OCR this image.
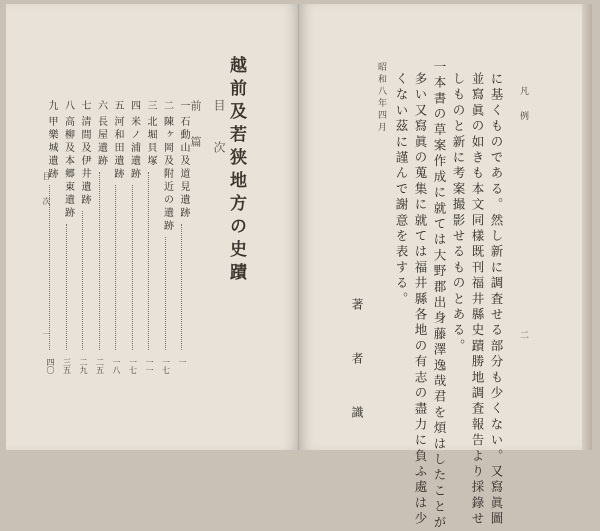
越前及若狭地方の史蹟
目 次
前 篇
一
石動山及道見遺跡
一
二
陳ヶ岡及附近の遺跡
一七
三
北堀貝塚
一一
四
米ノ浦遺跡
一七
五
河和田遺跡
一八
六
長屋遺跡
二五
七
清間及伊井遺跡
二九
八
高柳及本郷東遺跡
三五
九
甲樂城遺跡
四〇
目 次
一
凡 例
二
に基くものである。然し新に調査せる部分も少くない。又寫眞圖
並寫眞の如きも本文同樣既刊福井縣史蹟勝地調査報告より採錄せ
しものと新に考案撮影せるものとある。
一本書の草案作成に就ては大野郡出身藤澤逸哉君を煩はしたことが
多い又寫眞の蒐集に就ては福井縣各地の有志の盡力に負ふ處は少
くない茲に謹んで謝意を表する。
昭和八年四月
著 者 識
